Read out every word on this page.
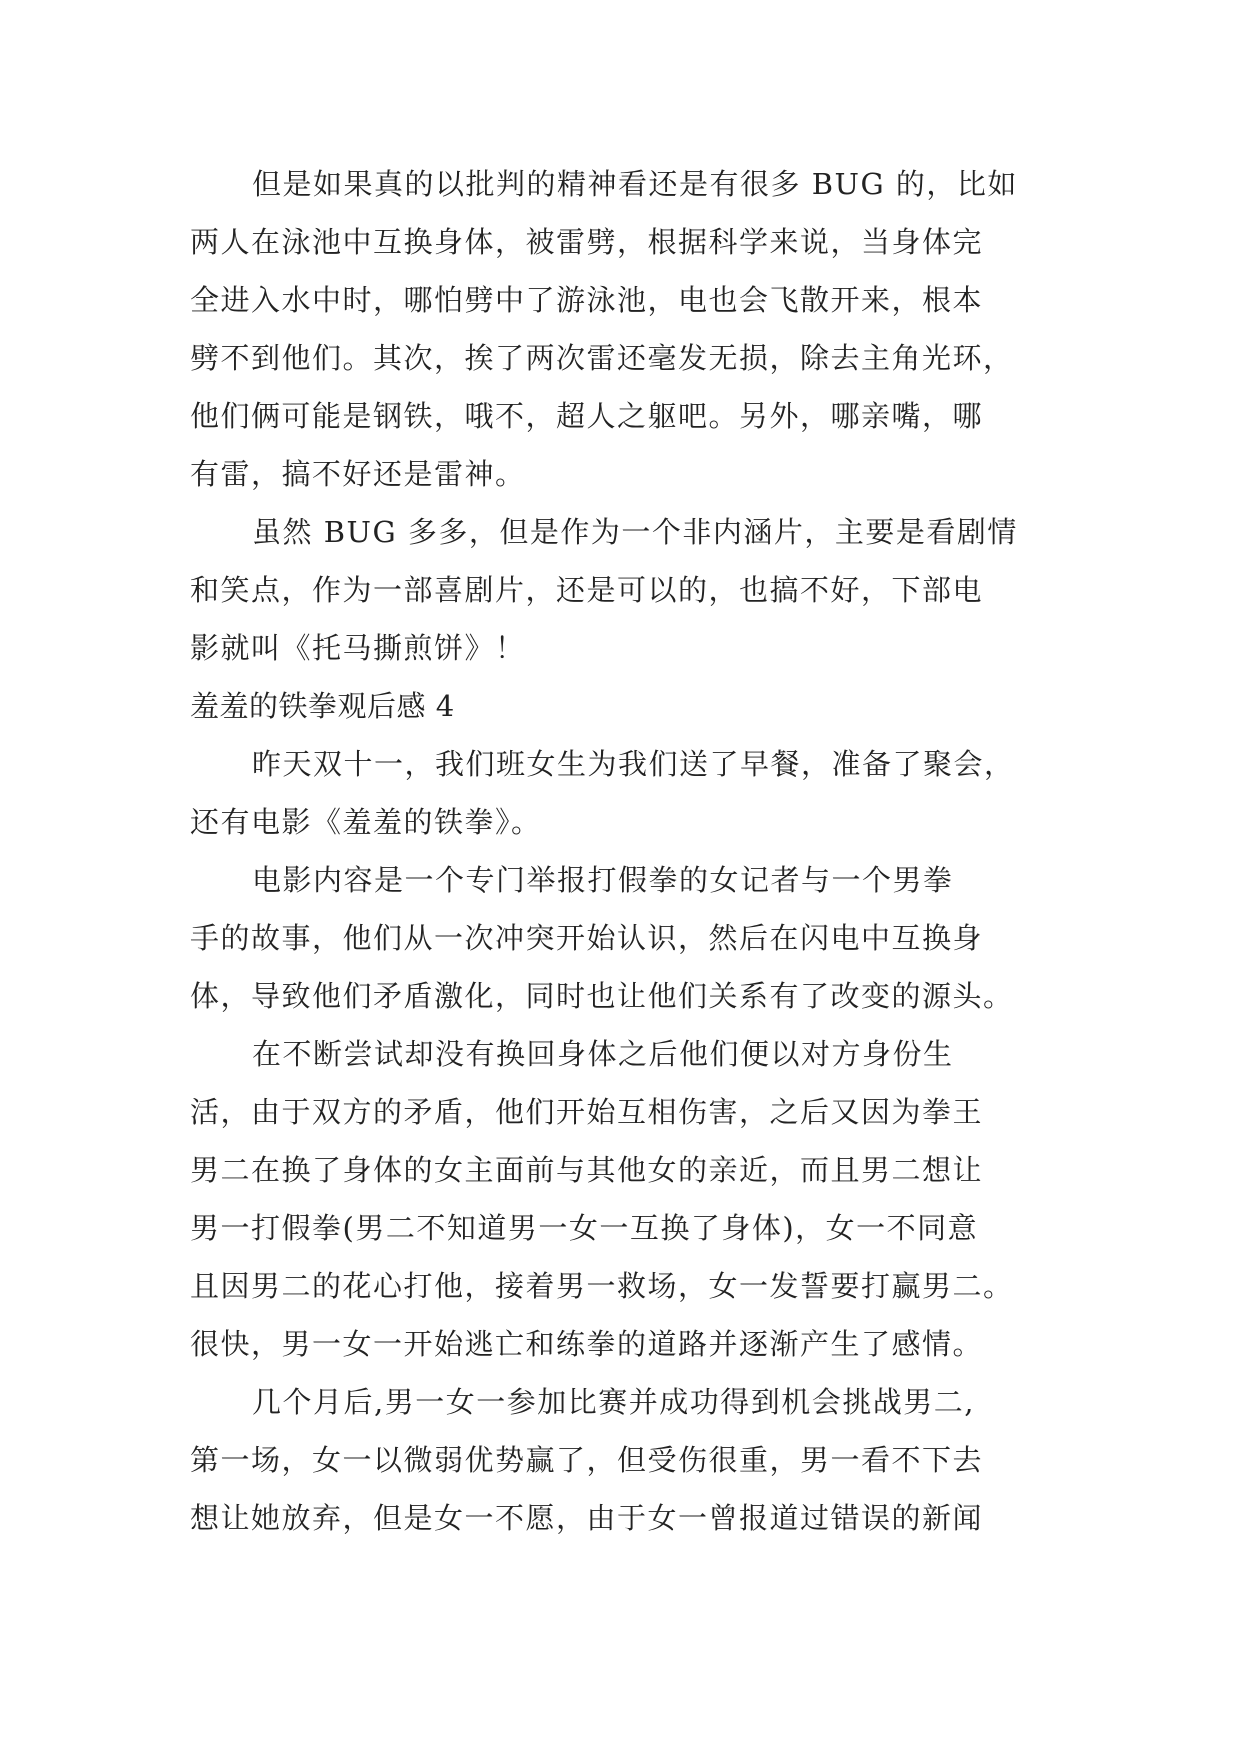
但是如果真的以批判的精神看还是有很多 BUG 的，比如
两人在泳池中互换身体，被雷劈，根据科学来说，当身体完
全进入水中时，哪怕劈中了游泳池，电也会飞散开来，根本
劈不到他们。其次，挨了两次雷还毫发无损，除去主角光环，
他们俩可能是钢铁，哦不，超人之躯吧。另外，哪亲嘴，哪
有雷，搞不好还是雷神。
虽然 BUG 多多，但是作为一个非内涵片，主要是看剧情
和笑点，作为一部喜剧片，还是可以的，也搞不好，下部电
影就叫《托马撕煎饼》！
羞羞的铁拳观后感 4
昨天双十一，我们班女生为我们送了早餐，准备了聚会，
还有电影《羞羞的铁拳》。
电影内容是一个专门举报打假拳的女记者与一个男拳
手的故事，他们从一次冲突开始认识，然后在闪电中互换身
体，导致他们矛盾激化，同时也让他们关系有了改变的源头。
在不断尝试却没有换回身体之后他们便以对方身份生
活，由于双方的矛盾，他们开始互相伤害，之后又因为拳王
男二在换了身体的女主面前与其他女的亲近，而且男二想让
男一打假拳(男二不知道男一女一互换了身体)，女一不同意
且因男二的花心打他，接着男一救场，女一发誓要打赢男二。
很快，男一女一开始逃亡和练拳的道路并逐渐产生了感情。
几个月后,男一女一参加比赛并成功得到机会挑战男二,
第一场，女一以微弱优势赢了，但受伤很重，男一看不下去
想让她放弃，但是女一不愿，由于女一曾报道过错误的新闻
